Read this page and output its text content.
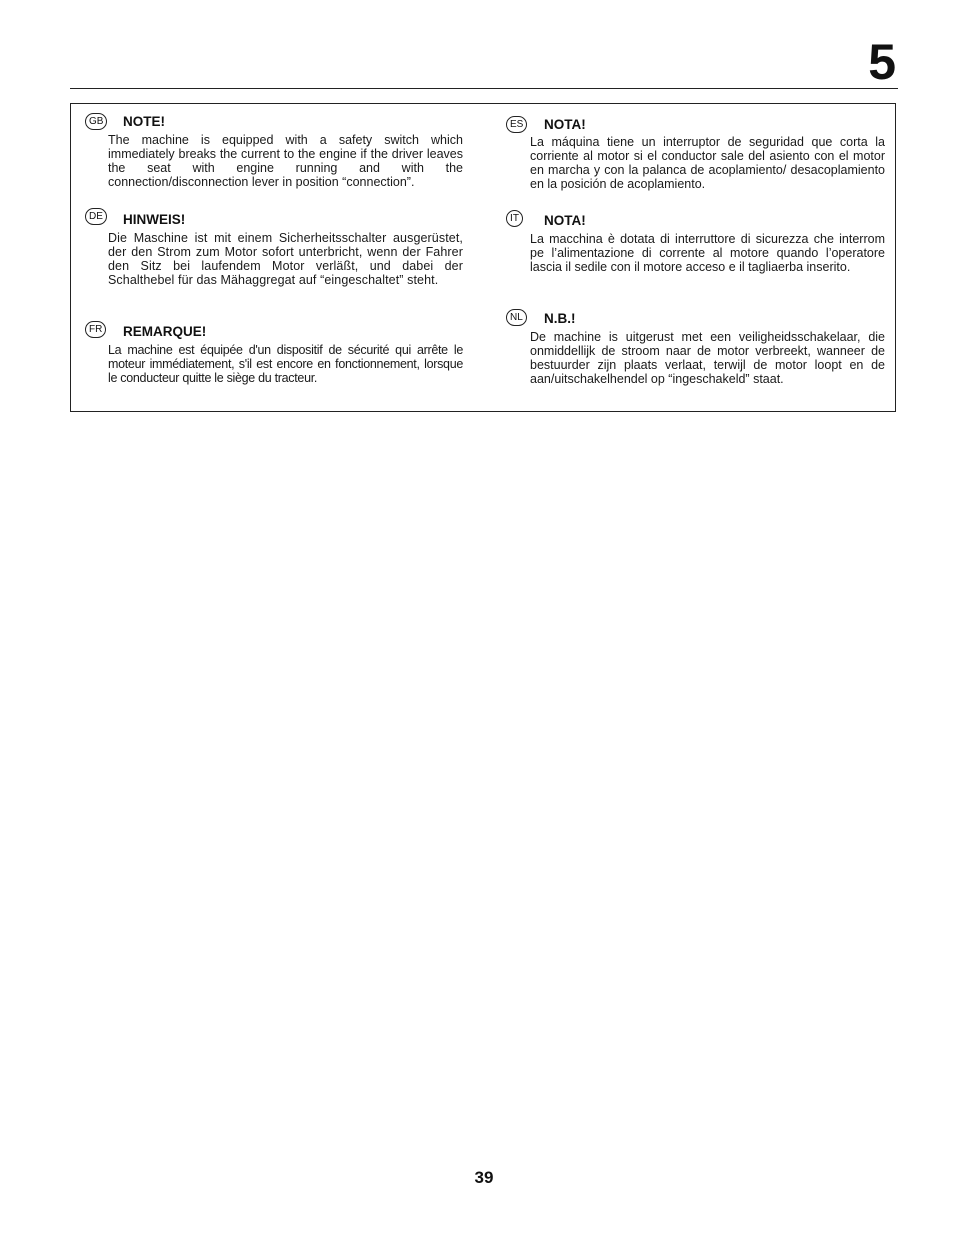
5
GB NOTE!

The machine is equipped with a safety switch which immediately breaks the current to the engine if the driver leaves the seat with engine running and with the connection/disconnection lever in position “connection”.

DE HINWEIS!

Die Maschine ist mit einem Sicherheitsschalter ausgerüstet, der den Strom zum Motor sofort unterbricht, wenn der Fahrer den Sitz bei laufendem Motor verläßt, und dabei der Schalthebel für das Mähaggregat auf “eingeschaltet” steht.

FR REMARQUE!

La machine est équipée d'un dispositif de sécurité qui arrête le moteur immédiatement, s'il est encore en fonctionnement, lorsque le conducteur quitte le siège du tracteur.

ES NOTA!

La máquina tiene un interruptor de seguridad que corta la corriente al motor si el conductor sale del asiento con el motor en marcha y con la palanca de acoplamiento/ desacoplamiento en la posición de acoplamiento.

IT	NOTA!

La macchina è dotata di interruttore di sicurezza che interrom pe l’alimentazione di corrente al motore quando l’operatore lascia il sedile con il motore acceso e il tagliaerba inserito.

NL N.B.!

De machine is uitgerust met een veiligheidsschakelaar, die onmiddellijk de stroom naar de motor verbreekt, wanneer de bestuurder zijn plaats verlaat, terwijl de motor loopt en de aan/uitschakelhendel op “ingeschakeld” staat.

39
